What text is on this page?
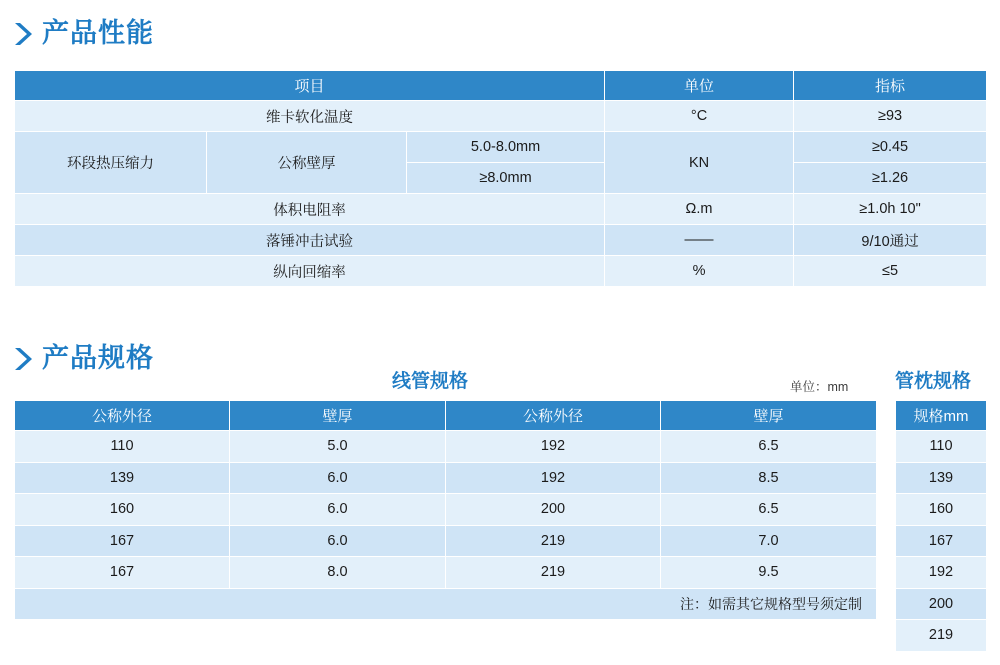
产品性能
项目			单位	指标
维卡软化温度			°C	≥93
环段热压缩力	公称壁厚	5.0-8.0mm	KN	≥0.45
		≥8.0mm		≥1.26
体积电阻率			Ω.m	≥1.0h 10"
落锤冲击试验			——	9/10通过
纵向回缩率			%	≤5
产品规格
线管规格	单位：mm 管枕规格
公称外径	壁厚	公称外径	壁厚
110	5.0	192	6.5
139	6.0	192	8.5
160	6.0	200	6.5
167	6.0	219	7.0
167	8.0	219	9.5
注：如需其它规格型号须定制			
规格mm
110
139
160
167
192
200
219
